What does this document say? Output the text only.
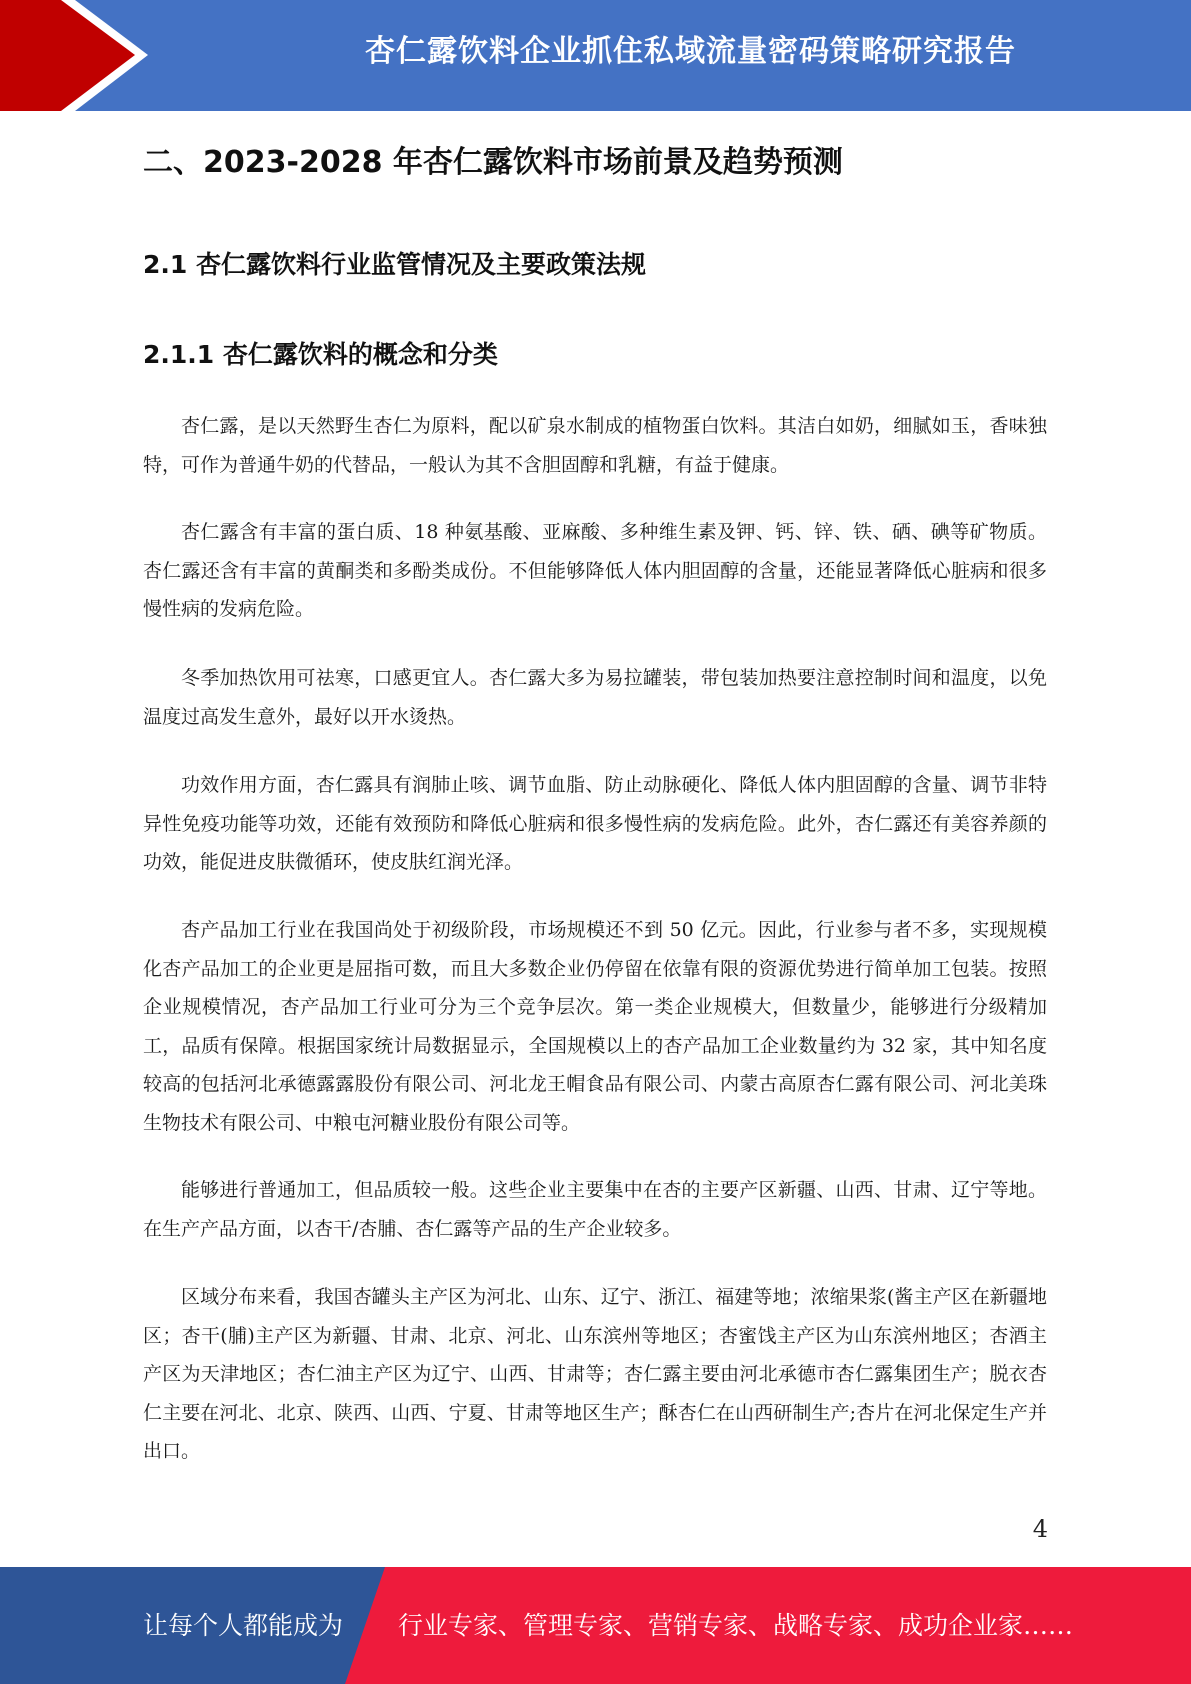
杏仁露饮料企业抓住私域流量密码策略研究报告
二、2023-2028 年杏仁露饮料市场前景及趋势预测
2.1 杏仁露饮料行业监管情况及主要政策法规
2.1.1 杏仁露饮料的概念和分类

杏仁露，是以天然野生杏仁为原料，配以矿泉水制成的植物蛋白饮料。其洁白如奶，细腻如玉，香味独特，可作为普通牛奶的代替品，一般认为其不含胆固醇和乳糖，有益于健康。

杏仁露含有丰富的蛋白质、18 种氨基酸、亚麻酸、多种维生素及钾、钙、锌、铁、硒、碘等矿物质。杏仁露还含有丰富的黄酮类和多酚类成份。不但能够降低人体内胆固醇的含量，还能显著降低心脏病和很多慢性病的发病危险。

冬季加热饮用可祛寒，口感更宜人。杏仁露大多为易拉罐装，带包装加热要注意控制时间和温度，以免温度过高发生意外，最好以开水烫热。

功效作用方面，杏仁露具有润肺止咳、调节血脂、防止动脉硬化、降低人体内胆固醇的含量、调节非特异性免疫功能等功效，还能有效预防和降低心脏病和很多慢性病的发病危险。此外，杏仁露还有美容养颜的功效，能促进皮肤微循环，使皮肤红润光泽。

杏产品加工行业在我国尚处于初级阶段，市场规模还不到 50 亿元。因此，行业参与者不多，实现规模化杏产品加工的企业更是屈指可数，而且大多数企业仍停留在依靠有限的资源优势进行简单加工包装。按照企业规模情况，杏产品加工行业可分为三个竞争层次。第一类企业规模大，但数量少，能够进行分级精加工，品质有保障。根据国家统计局数据显示，全国规模以上的杏产品加工企业数量约为 32 家，其中知名度较高的包括河北承德露露股份有限公司、河北龙王帽食品有限公司、内蒙古高原杏仁露有限公司、河北美珠生物技术有限公司、中粮屯河糖业股份有限公司等。

能够进行普通加工，但品质较一般。这些企业主要集中在杏的主要产区新疆、山西、甘肃、辽宁等地。在生产产品方面，以杏干/杏脯、杏仁露等产品的生产企业较多。

区域分布来看，我国杏罐头主产区为河北、山东、辽宁、浙江、福建等地；浓缩果浆(酱主产区在新疆地区；杏干(脯)主产区为新疆、甘肃、北京、河北、山东滨州等地区；杏蜜饯主产区为山东滨州地区；杏酒主产区为天津地区；杏仁油主产区为辽宁、山西、甘肃等；杏仁露主要由河北承德市杏仁露集团生产；脱衣杏仁主要在河北、北京、陕西、山西、宁夏、甘肃等地区生产；酥杏仁在山西研制生产;杏片在河北保定生产并出口。

4
让每个人都能成为 行业专家、管理专家、营销专家、战略专家、成功企业家……
